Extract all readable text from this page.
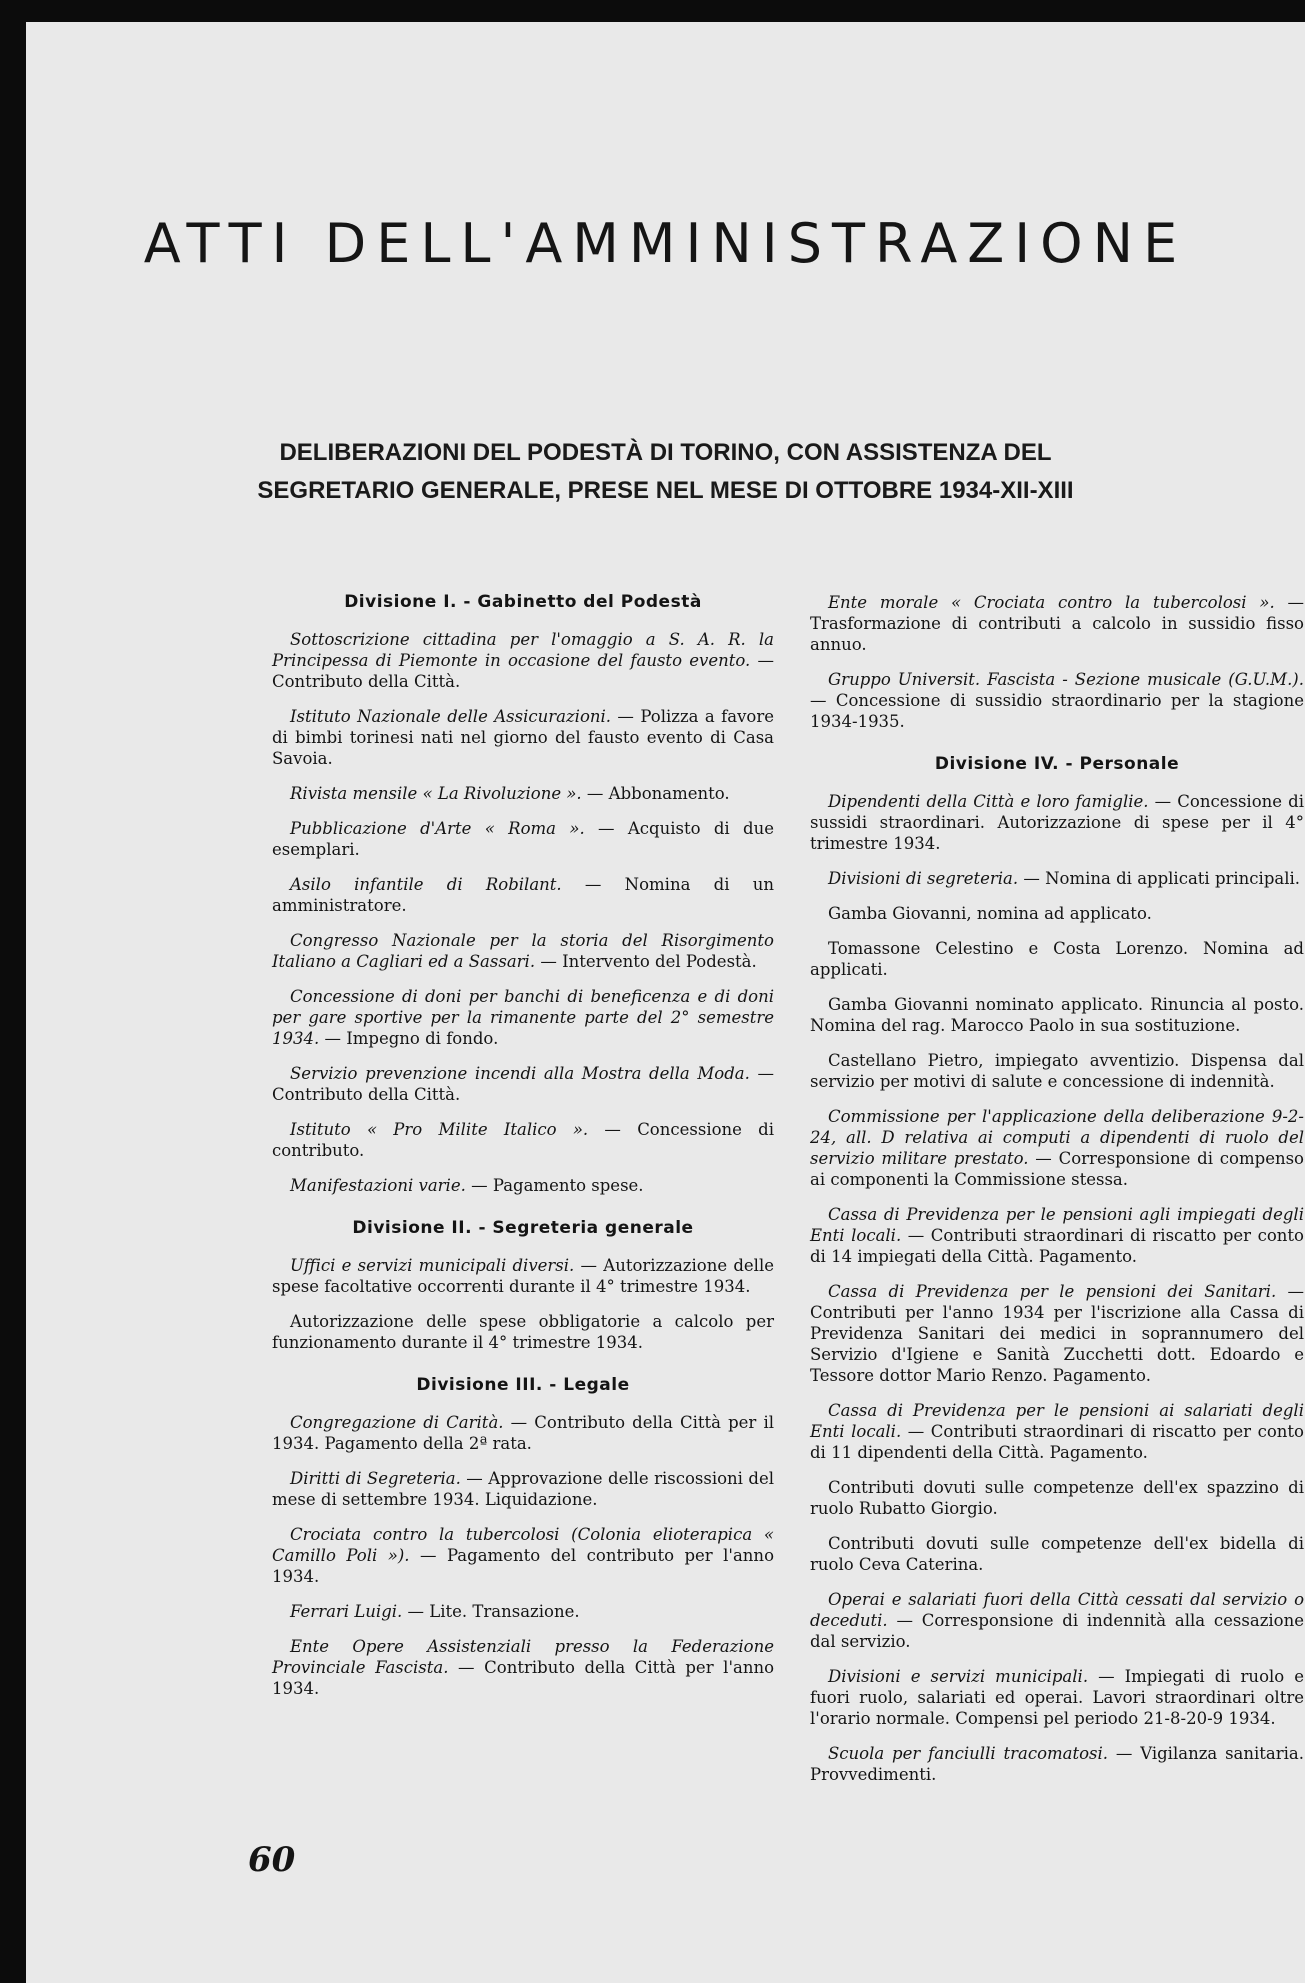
ATTI DELL'AMMINISTRAZIONE
DELIBERAZIONI DEL PODESTÀ DI TORINO, CON ASSISTENZA DEL
SEGRETARIO GENERALE, PRESE NEL MESE DI OTTOBRE 1934-XII-XIII
Divisione I. - Gabinetto del Podestà

Sottoscrizione cittadina per l'omaggio a S. A. R. la Principessa di Piemonte in occasione del fausto evento. — Contributo della Città.

Istituto Nazionale delle Assicurazioni. — Polizza a favore di bimbi torinesi nati nel giorno del fausto evento di Casa Savoia.

Rivista mensile « La Rivoluzione ». — Abbonamento.

Pubblicazione d'Arte « Roma ». — Acquisto di due esemplari.

Asilo infantile di Robilant. — Nomina di un amministratore.

Congresso Nazionale per la storia del Risorgimento Italiano a Cagliari ed a Sassari. — Intervento del Podestà.

Concessione di doni per banchi di beneficenza e di doni per gare sportive per la rimanente parte del 2° semestre 1934. — Impegno di fondo.

Servizio prevenzione incendi alla Mostra della Moda. — Contributo della Città.

Istituto « Pro Milite Italico ». — Concessione di contributo.

Manifestazioni varie. — Pagamento spese.

Divisione II. - Segreteria generale

Uffici e servizi municipali diversi. — Autorizzazione delle spese facoltative occorrenti durante il 4° trimestre 1934.

Autorizzazione delle spese obbligatorie a calcolo per funzionamento durante il 4° trimestre 1934.

Divisione III. - Legale

Congregazione di Carità. — Contributo della Città per il 1934. Pagamento della 2ª rata.

Diritti di Segreteria. — Approvazione delle riscossioni del mese di settembre 1934. Liquidazione.

Crociata contro la tubercolosi (Colonia elioterapica « Camillo Poli »). — Pagamento del contributo per l'anno 1934.

Ferrari Luigi. — Lite. Transazione.

Ente Opere Assistenziali presso la Federazione Provinciale Fascista. — Contributo della Città per l'anno 1934.

Ente morale « Crociata contro la tubercolosi ». — Trasformazione di contributi a calcolo in sussidio fisso annuo.

Gruppo Universit. Fascista - Sezione musicale (G.U.M.). — Concessione di sussidio straordinario per la stagione 1934-1935.

Divisione IV. - Personale

Dipendenti della Città e loro famiglie. — Concessione di sussidi straordinari. Autorizzazione di spese per il 4° trimestre 1934.

Divisioni di segreteria. — Nomina di applicati principali.

Gamba Giovanni, nomina ad applicato.

Tomassone Celestino e Costa Lorenzo. Nomina ad applicati.

Gamba Giovanni nominato applicato. Rinuncia al posto. Nomina del rag. Marocco Paolo in sua sostituzione.

Castellano Pietro, impiegato avventizio. Dispensa dal servizio per motivi di salute e concessione di indennità.

Commissione per l'applicazione della deliberazione 9-2-24, all. D relativa ai computi a dipendenti di ruolo del servizio militare prestato. — Corresponsione di compenso ai componenti la Commissione stessa.

Cassa di Previdenza per le pensioni agli impiegati degli Enti locali. — Contributi straordinari di riscatto per conto di 14 impiegati della Città. Pagamento.

Cassa di Previdenza per le pensioni dei Sanitari. — Contributi per l'anno 1934 per l'iscrizione alla Cassa di Previdenza Sanitari dei medici in soprannumero del Servizio d'Igiene e Sanità Zucchetti dott. Edoardo e Tessore dottor Mario Renzo. Pagamento.

Cassa di Previdenza per le pensioni ai salariati degli Enti locali. — Contributi straordinari di riscatto per conto di 11 dipendenti della Città. Pagamento.

Contributi dovuti sulle competenze dell'ex spazzino di ruolo Rubatto Giorgio.

Contributi dovuti sulle competenze dell'ex bidella di ruolo Ceva Caterina.

Operai e salariati fuori della Città cessati dal servizio o deceduti. — Corresponsione di indennità alla cessazione dal servizio.

Divisioni e servizi municipali. — Impiegati di ruolo e fuori ruolo, salariati ed operai. Lavori straordinari oltre l'orario normale. Compensi pel periodo 21-8-20-9 1934.

Scuola per fanciulli tracomatosi. — Vigilanza sanitaria. Provvedimenti.

60
